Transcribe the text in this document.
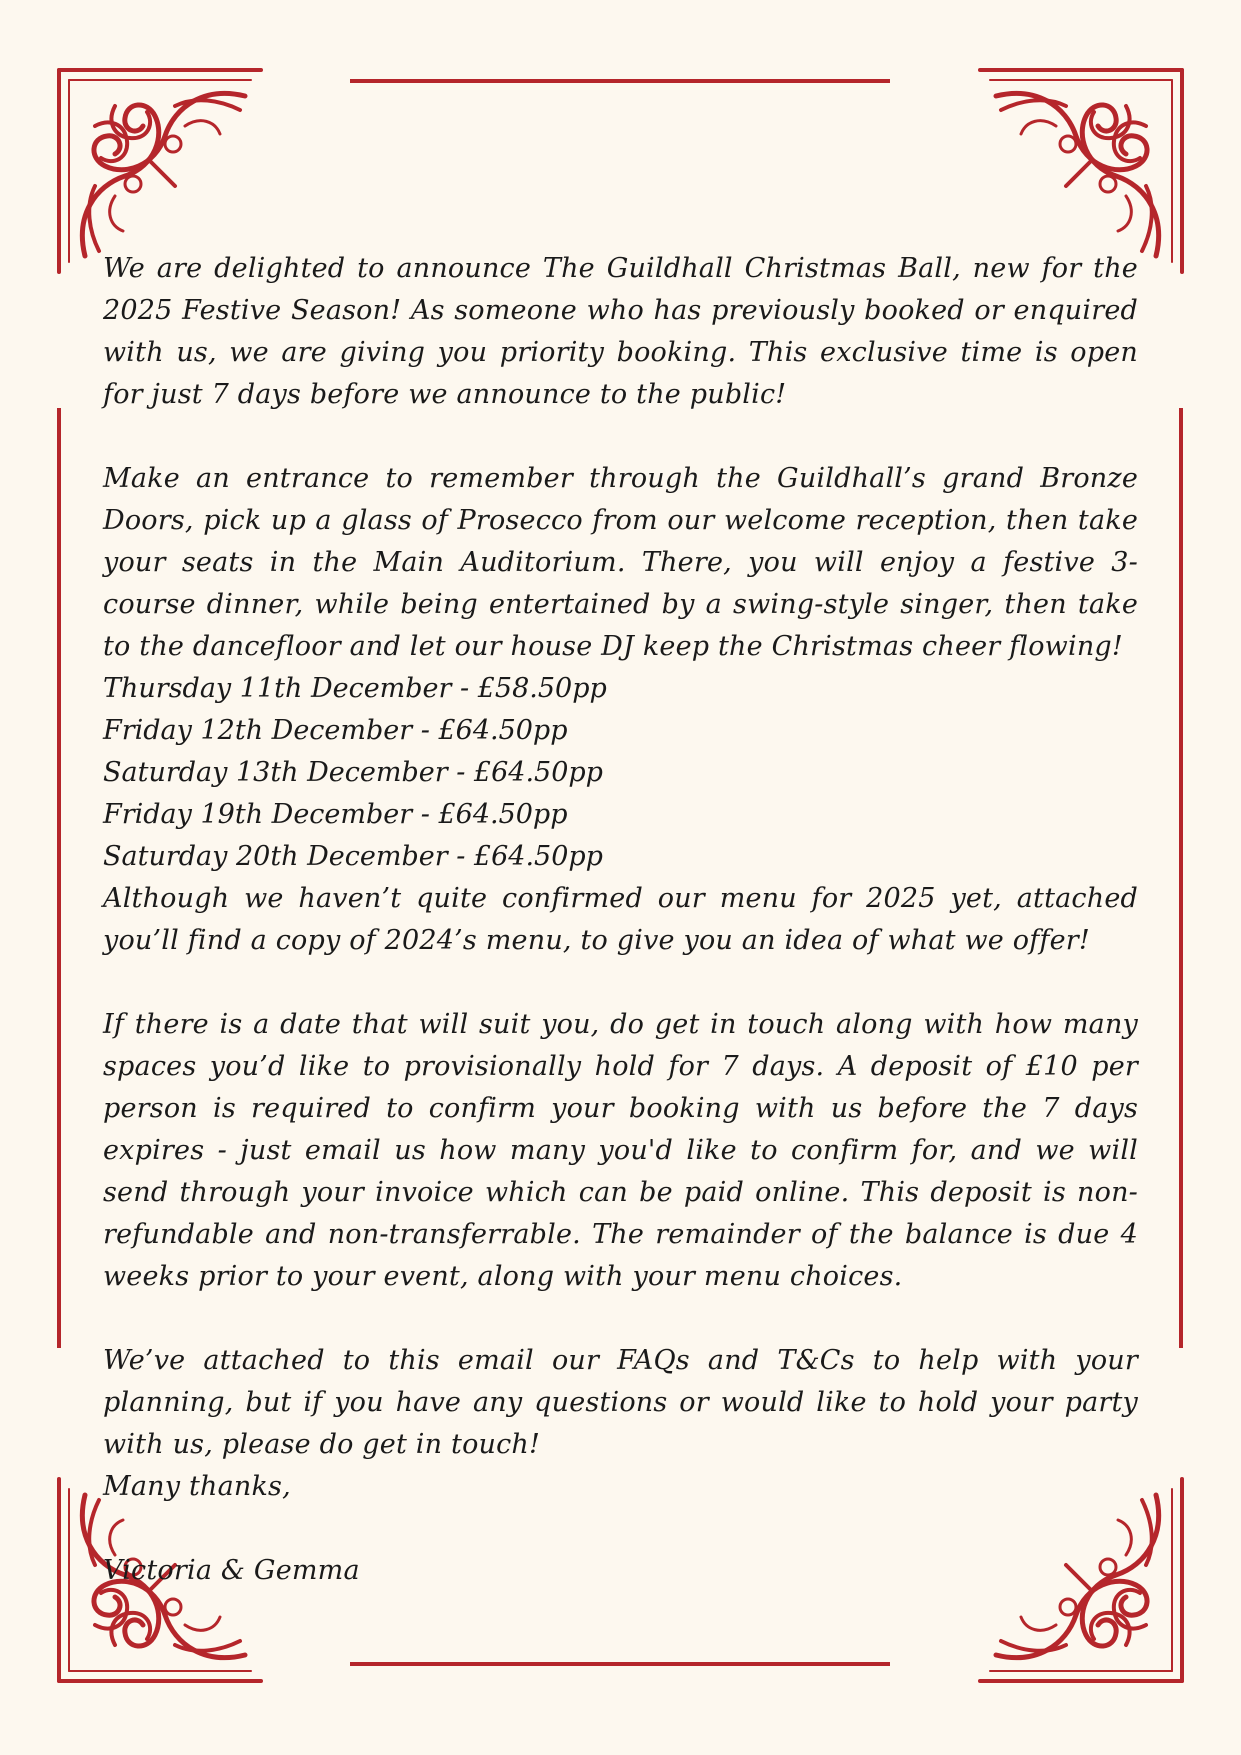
We are delighted to announce The Guildhall Christmas Ball, new for the 2025 Festive Season! As someone who has previously booked or enquired with us, we are giving you priority booking. This exclusive time is open for just 7 days before we announce to the public!

Make an entrance to remember through the Guildhall’s grand Bronze Doors, pick up a glass of Prosecco from our welcome reception, then take your seats in the Main Auditorium. There, you will enjoy a festive 3-course dinner, while being entertained by a swing-style singer, then take to the dancefloor and let our house DJ keep the Christmas cheer flowing!

Thursday 11th December - £58.50pp
Friday 12th December - £64.50pp
Saturday 13th December - £64.50pp
Friday 19th December - £64.50pp
Saturday 20th December - £64.50pp

Although we haven’t quite confirmed our menu for 2025 yet, attached you’ll find a copy of 2024’s menu, to give you an idea of what we offer!

If there is a date that will suit you, do get in touch along with how many spaces you’d like to provisionally hold for 7 days. A deposit of £10 per person is required to confirm your booking with us before the 7 days expires - just email us how many you'd like to confirm for, and we will send through your invoice which can be paid online. This deposit is non-refundable and non-transferrable. The remainder of the balance is due 4 weeks prior to your event, along with your menu choices.

We’ve attached to this email our FAQs and T&Cs to help with your planning, but if you have any questions or would like to hold your party with us, please do get in touch!

Many thanks,

Victoria & Gemma
